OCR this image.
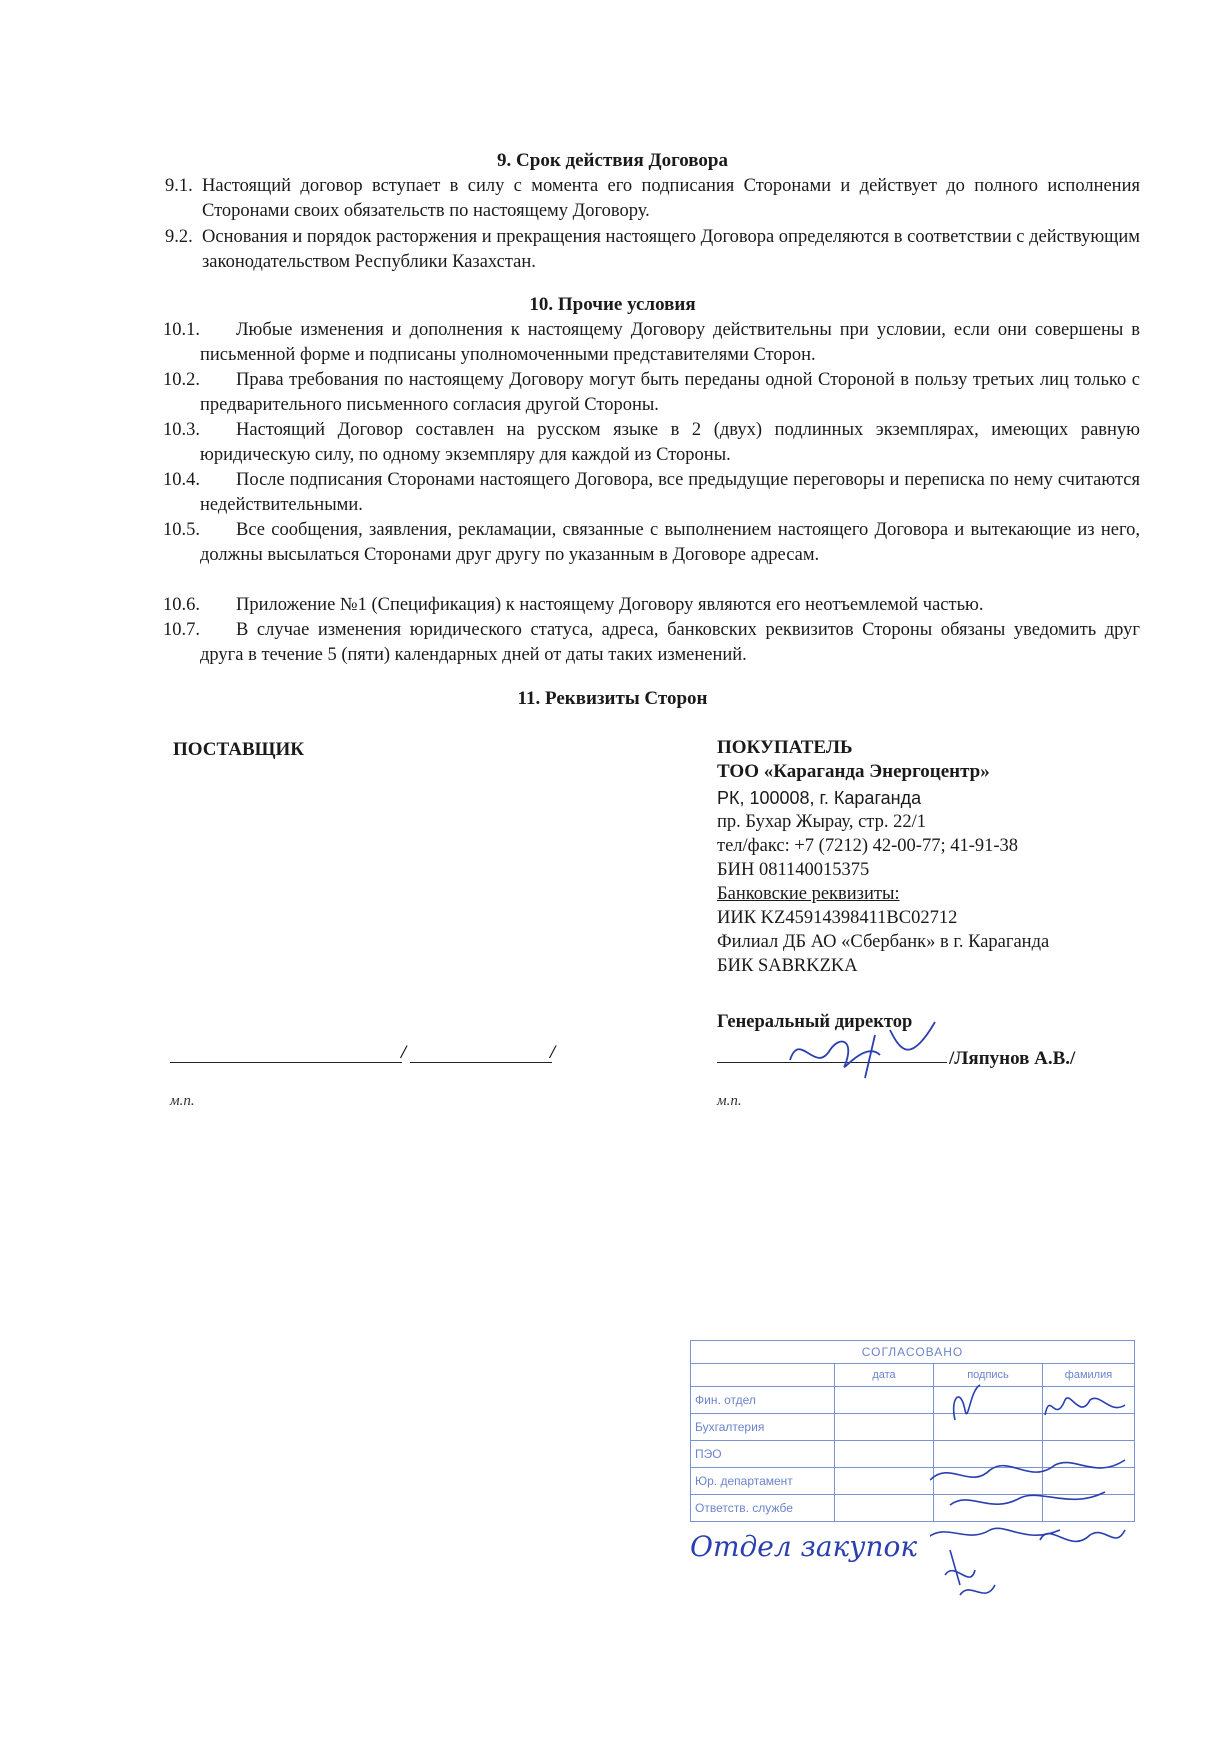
9. Срок действия Договора
9.1. Настоящий договор вступает в силу с момента его подписания Сторонами и действует до полного исполнения Сторонами своих обязательств по настоящему Договору.
9.2. Основания и порядок расторжения и прекращения настоящего Договора определяются в соответствии с действующим законодательством Республики Казахстан.
10. Прочие условия
10.1.	Любые изменения и дополнения к настоящему Договору действительны при условии, если они совершены в письменной форме и подписаны уполномоченными представителями Сторон.
10.2.	Права требования по настоящему Договору могут быть переданы одной Стороной в пользу третьих лиц только с предварительного письменного согласия другой Стороны.
10.3.	Настоящий Договор составлен на русском языке в 2 (двух) подлинных экземплярах, имеющих равную юридическую силу, по одному экземпляру для каждой из Стороны.
10.4.	После подписания Сторонами настоящего Договора, все предыдущие переговоры и переписка по нему считаются недействительными.
10.5.	Все сообщения, заявления, рекламации, связанные с выполнением настоящего Договора и вытекающие из него, должны высылаться Сторонами друг другу по указанным в Договоре адресам.
10.6.	Приложение №1 (Спецификация) к настоящему Договору являются его неотъемлемой частью.
10.7.	В случае изменения юридического статуса, адреса, банковских реквизитов Стороны обязаны уведомить друг друга в течение 5 (пяти) календарных дней от даты таких изменений.
11. Реквизиты Сторон
ПОСТАВЩИК	ПОКУПАТЕЛЬ
ТОО «Караганда Энергоцентр»
РК, 100008, г. Караганда
пр. Бухар Жырау, стр. 22/1
тел/факс: +7 (7212) 42-00-77; 41-91-38
БИН 081140015375
Банковские реквизиты:
ИИК KZ45914398411BC02712
Филиал ДБ АО «Сбербанк» в г. Караганда
БИК SABRKZKA
Генеральный директор
/	/
м.п.
/Ляпунов А.В./
м.п.
СОГЛАСОВАНО			
	дата	подпись	фамилия
Фин. отдел			
Бухгалтерия			
ПЭО			
Юр. департамент			
Ответств. службе			
Отдел закупок
